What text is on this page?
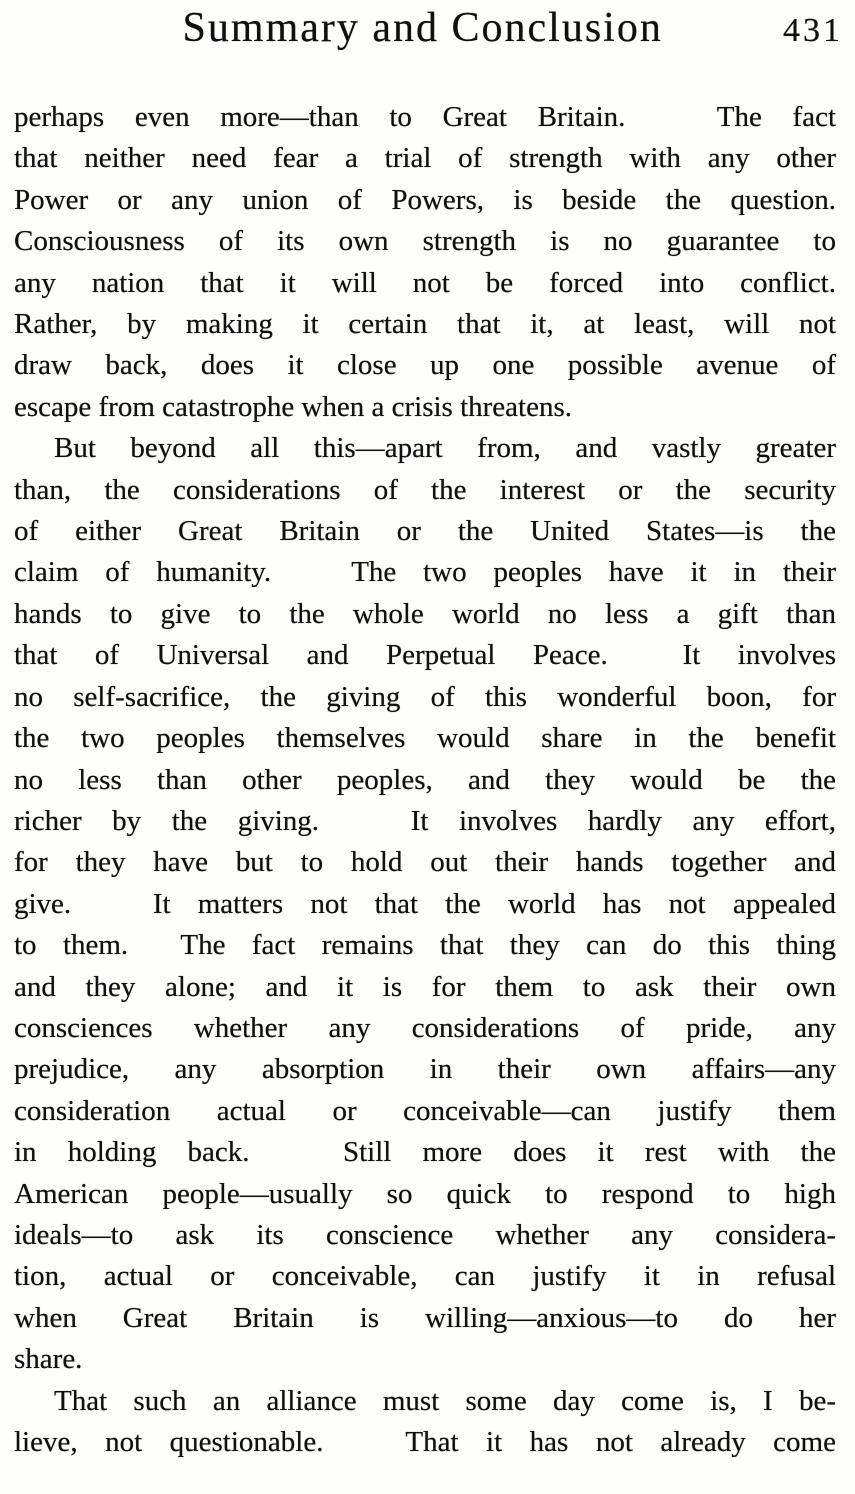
Summary and Conclusion	431
perhaps even more—than to Great Britain.   The fact
that neither need fear a trial of strength with any other
Power or any union of Powers, is beside the question.
Consciousness of its own strength is no guarantee to
any nation that it will not be forced into conflict.
Rather, by making it certain that it, at least, will not
draw back, does it close up one possible avenue of
escape from catastrophe when a crisis threatens.
But beyond all this—apart from, and vastly greater
than, the considerations of the interest or the security
of either Great Britain or the United States—is the
claim of humanity.   The two peoples have it in their
hands to give to the whole world no less a gift than
that of Universal and Perpetual Peace.  It involves
no self-sacrifice, the giving of this wonderful boon, for
the two peoples themselves would share in the benefit
no less than other peoples, and they would be the
richer by the giving.   It involves hardly any effort,
for they have but to hold out their hands together and
give.   It matters not that the world has not appealed
to them.  The fact remains that they can do this thing
and they alone; and it is for them to ask their own
consciences whether any considerations of pride, any
prejudice, any absorption in their own affairs—any
consideration actual or conceivable—can justify them
in holding back.   Still more does it rest with the
American people—usually so quick to respond to high
ideals—to ask its conscience whether any considera-
tion, actual or conceivable, can justify it in refusal
when Great Britain is willing—anxious—to do her
share.
That such an alliance must some day come is, I be-
lieve, not questionable.   That it has not already come
